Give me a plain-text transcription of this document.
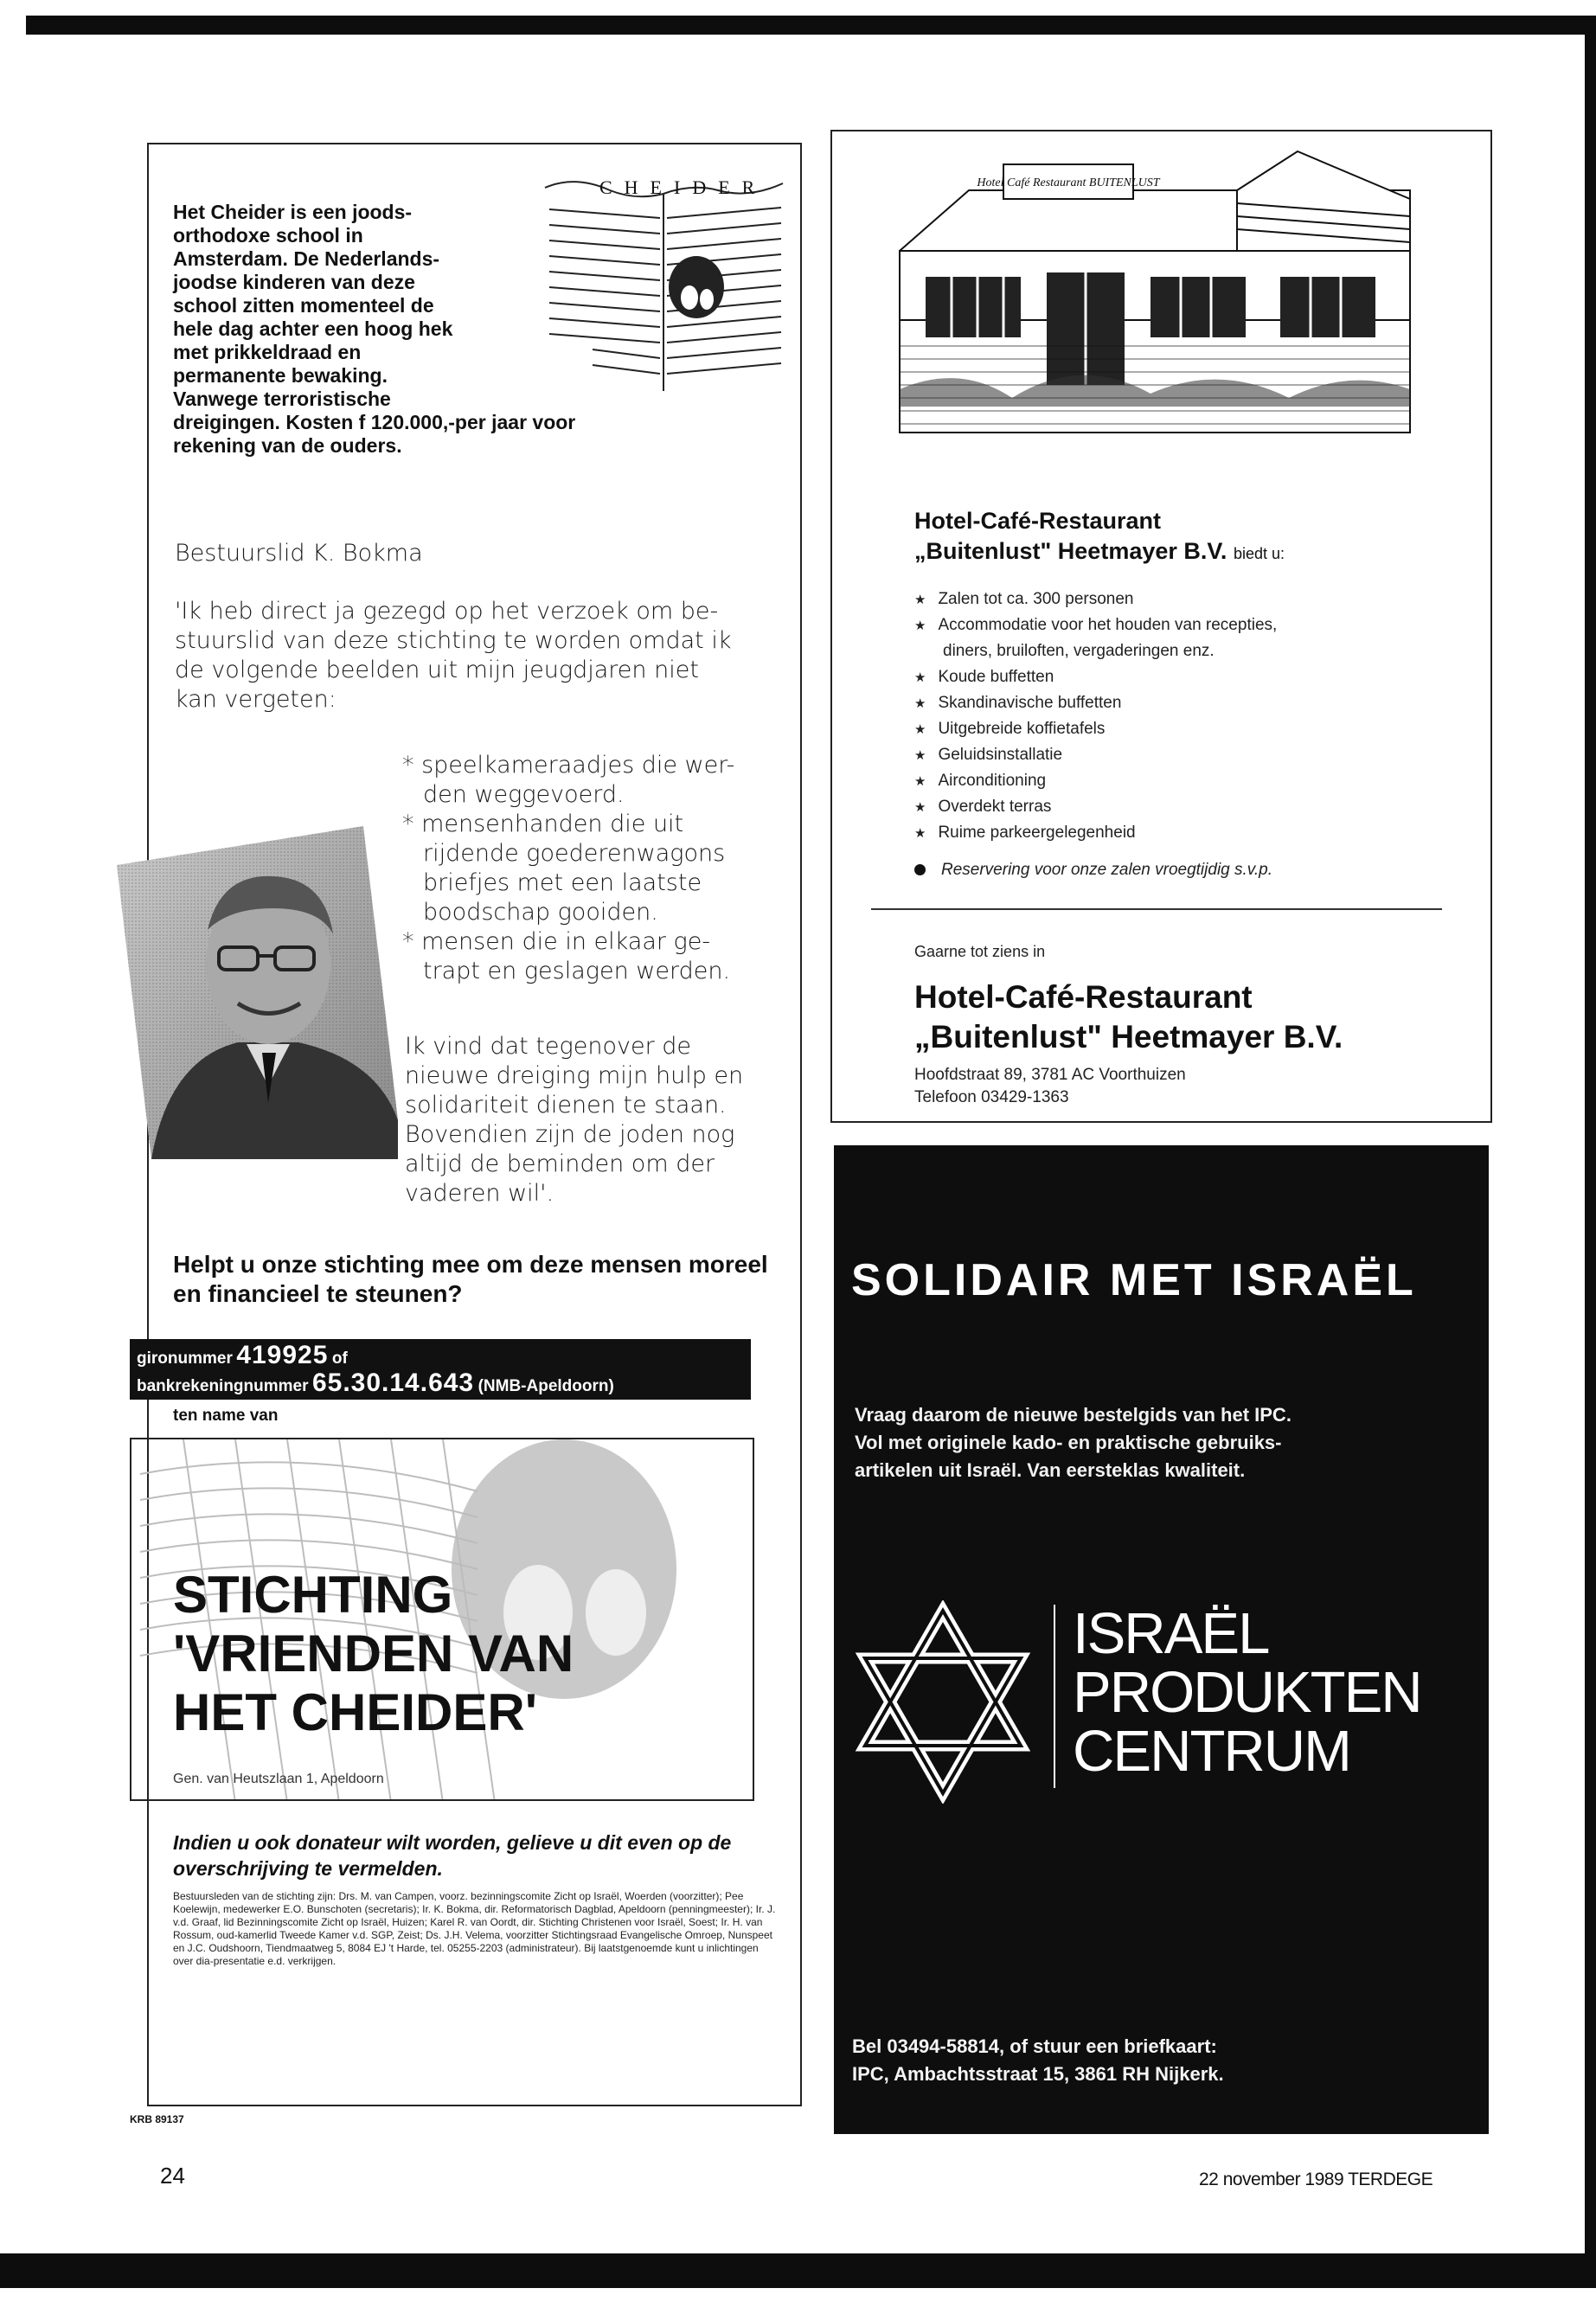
CHEIDER
Het Cheider is een joods-
orthodoxe school in
Amsterdam. De Nederlands-
joodse kinderen van deze
school zitten momenteel de
hele dag achter een hoog hek
met prikkeldraad en
permanente bewaking.
Vanwege terroristische
dreigingen. Kosten f 120.000,-per jaar voor
rekening van de ouders.
Bestuurslid K. Bokma
'Ik heb direct ja gezegd op het verzoek om be-
stuurslid van deze stichting te worden omdat ik
de volgende beelden uit mijn jeugdjaren niet
kan vergeten:
* speelkameraadjes die wer-
den weggevoerd.
* mensenhanden die uit
rijdende goederenwagons
briefjes met een laatste
boodschap gooiden.
* mensen die in elkaar ge-
trapt en geslagen werden.
Ik vind dat tegenover de
nieuwe dreiging mijn hulp en
solidariteit dienen te staan.
Bovendien zijn de joden nog
altijd de beminden om der
vaderen wil'.
Helpt u onze stichting mee om deze mensen moreel en financieel te steunen?
gironummer 419925 of
bankrekeningnummer 65.30.14.643 (NMB-Apeldoorn)
ten name van
STICHTING
'VRIENDEN VAN
HET CHEIDER'
Gen. van Heutszlaan 1, Apeldoorn
Indien u ook donateur wilt worden, gelieve u dit even op de overschrijving te vermelden.
Bestuursleden van de stichting zijn: Drs. M. van Campen, voorz. bezinningscomite Zicht op Israël, Woerden (voorzitter); Pee Koelewijn, medewerker E.O. Bunschoten (secretaris); Ir. K. Bokma, dir. Reformatorisch Dagblad, Apeldoorn (penningmeester); Ir. J. v.d. Graaf, lid Bezinningscomite Zicht op Israël, Huizen; Karel R. van Oordt, dir. Stichting Christenen voor Israël, Soest; Ir. H. van Rossum, oud-kamerlid Tweede Kamer v.d. SGP, Zeist; Ds. J.H. Velema, voorzitter Stichtingsraad Evangelische Omroep, Nunspeet en J.C. Oudshoorn, Tiendmaatweg 5, 8084 EJ 't Harde, tel. 05255-2203 (administrateur). Bij laatstgenoemde kunt u inlichtingen over dia-presentatie e.d. verkrijgen.
KRB 89137
Hotel Café Restaurant BUITENLUST
Hotel-Café-Restaurant
„Buitenlust" Heetmayer B.V. biedt u:
★ Zalen tot ca. 300 personen
★ Accommodatie voor het houden van recepties,
diners, bruiloften, vergaderingen enz.
★ Koude buffetten
★ Skandinavische buffetten
★ Uitgebreide koffietafels
★ Geluidsinstallatie
★ Airconditioning
★ Overdekt terras
★ Ruime parkeergelegenheid
Reservering voor onze zalen vroegtijdig s.v.p.
Gaarne tot ziens in
Hotel-Café-Restaurant
„Buitenlust" Heetmayer B.V.
Hoofdstraat 89, 3781 AC Voorthuizen
Telefoon 03429-1363
SOLIDAIR MET ISRAËL
Vraag daarom de nieuwe bestelgids van het IPC.
Vol met originele kado- en praktische gebruiks-
artikelen uit Israël. Van eersteklas kwaliteit.
ISRAËL
PRODUKTEN
CENTRUM
Bel 03494-58814, of stuur een briefkaart:
IPC, Ambachtsstraat 15, 3861 RH Nijkerk.
24	22 november 1989 TERDEGE
